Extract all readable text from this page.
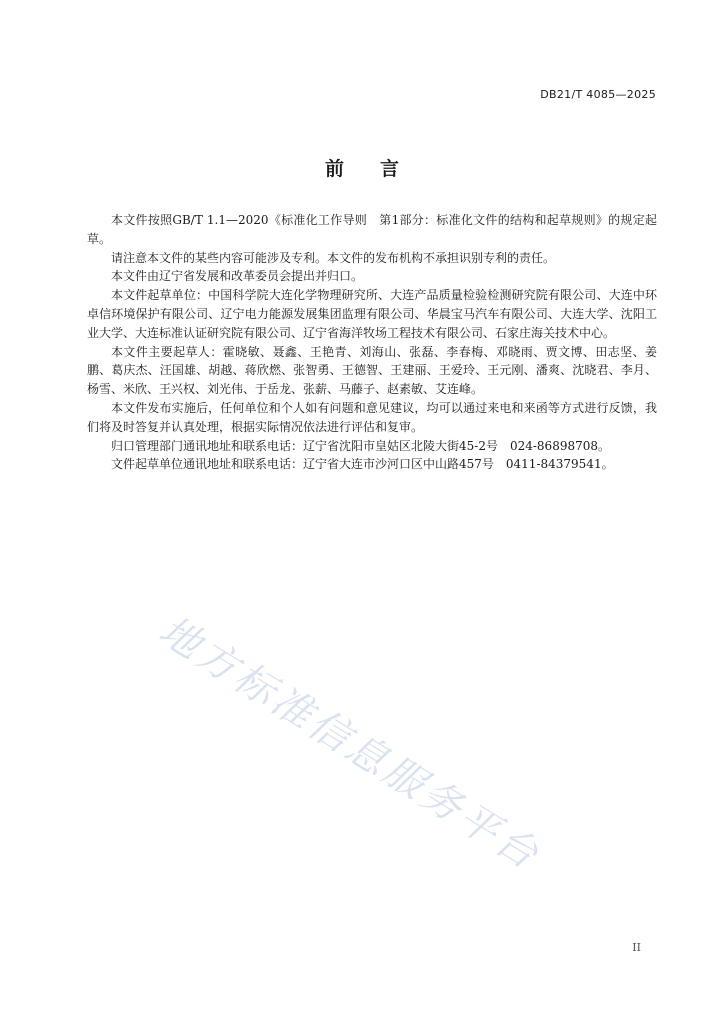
DB21/T 4085—2025
前言

本文件按照GB/T 1.1—2020《标准化工作导则　第1部分：标准化文件的结构和起草规则》的规定起草。

请注意本文件的某些内容可能涉及专利。本文件的发布机构不承担识别专利的责任。

本文件由辽宁省发展和改革委员会提出并归口。

本文件起草单位：中国科学院大连化学物理研究所、大连产品质量检验检测研究院有限公司、大连中环卓信环境保护有限公司、辽宁电力能源发展集团监理有限公司、华晨宝马汽车有限公司、大连大学、沈阳工业大学、大连标准认证研究院有限公司、辽宁省海洋牧场工程技术有限公司、石家庄海关技术中心。

本文件主要起草人：霍晓敏、聂鑫、王艳青、刘海山、张磊、李春梅、邓晓雨、贾文博、田志坚、姜鹏、葛庆杰、汪国雄、胡越、蒋欣燃、张智勇、王德智、王建丽、王爱玲、王元刚、潘爽、沈晓君、李月、杨雪、米欣、王兴权、刘光伟、于岳龙、张薪、马藤子、赵素敏、艾连峰。

本文件发布实施后，任何单位和个人如有问题和意见建议，均可以通过来电和来函等方式进行反馈，我们将及时答复并认真处理，根据实际情况依法进行评估和复审。

归口管理部门通讯地址和联系电话：辽宁省沈阳市皇姑区北陵大街45-2号　024-86898708。

文件起草单位通讯地址和联系电话：辽宁省大连市沙河口区中山路457号　0411-84379541。

地方标准信息服务平台
II
